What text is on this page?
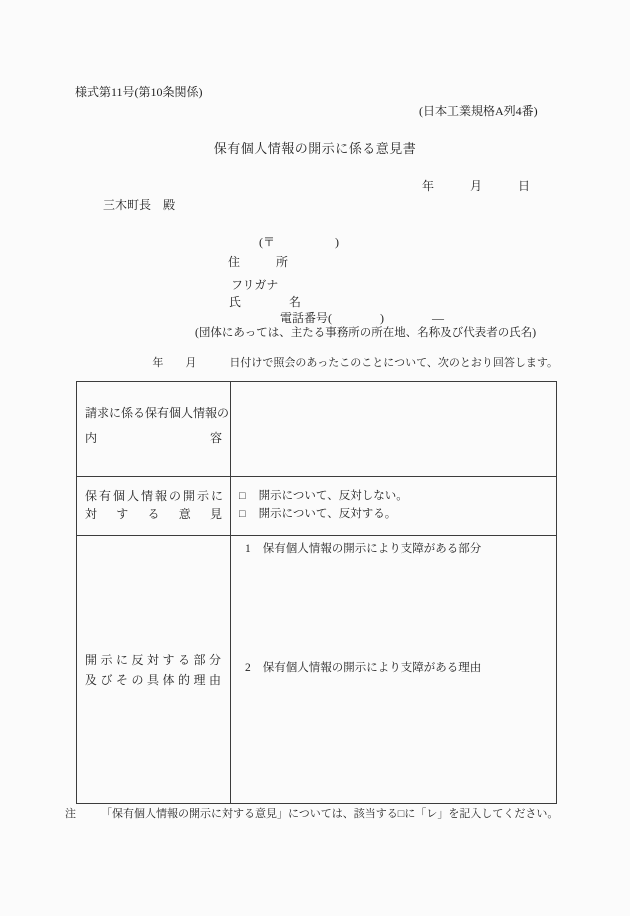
様式第11号(第10条関係)
(日本工業規格A列4番)
保有個人情報の開示に係る意見書
年　　　月　　　日
三木町長　殿
(〒　　　　　)
住　　　所
フリガナ
氏　　　　名
電話番号(　　　　)　　　　―
(団体にあっては、主たる事務所の所在地、名称及び代表者の氏名)
年　　月　　　日付けで照会のあったこのことについて、次のとおり回答します。
請求に係る保有個人情報の
内	容
保有個人情報の開示に
対 す る 意 見
□ 開示について、反対しない。
□ 開示について、反対する。
開示に反対する部分
及びその具体的理由
1 保有個人情報の開示により支障がある部分
2 保有個人情報の開示により支障がある理由
注 「保有個人情報の開示に対する意見」については、該当する□に「レ」を記入してください。
